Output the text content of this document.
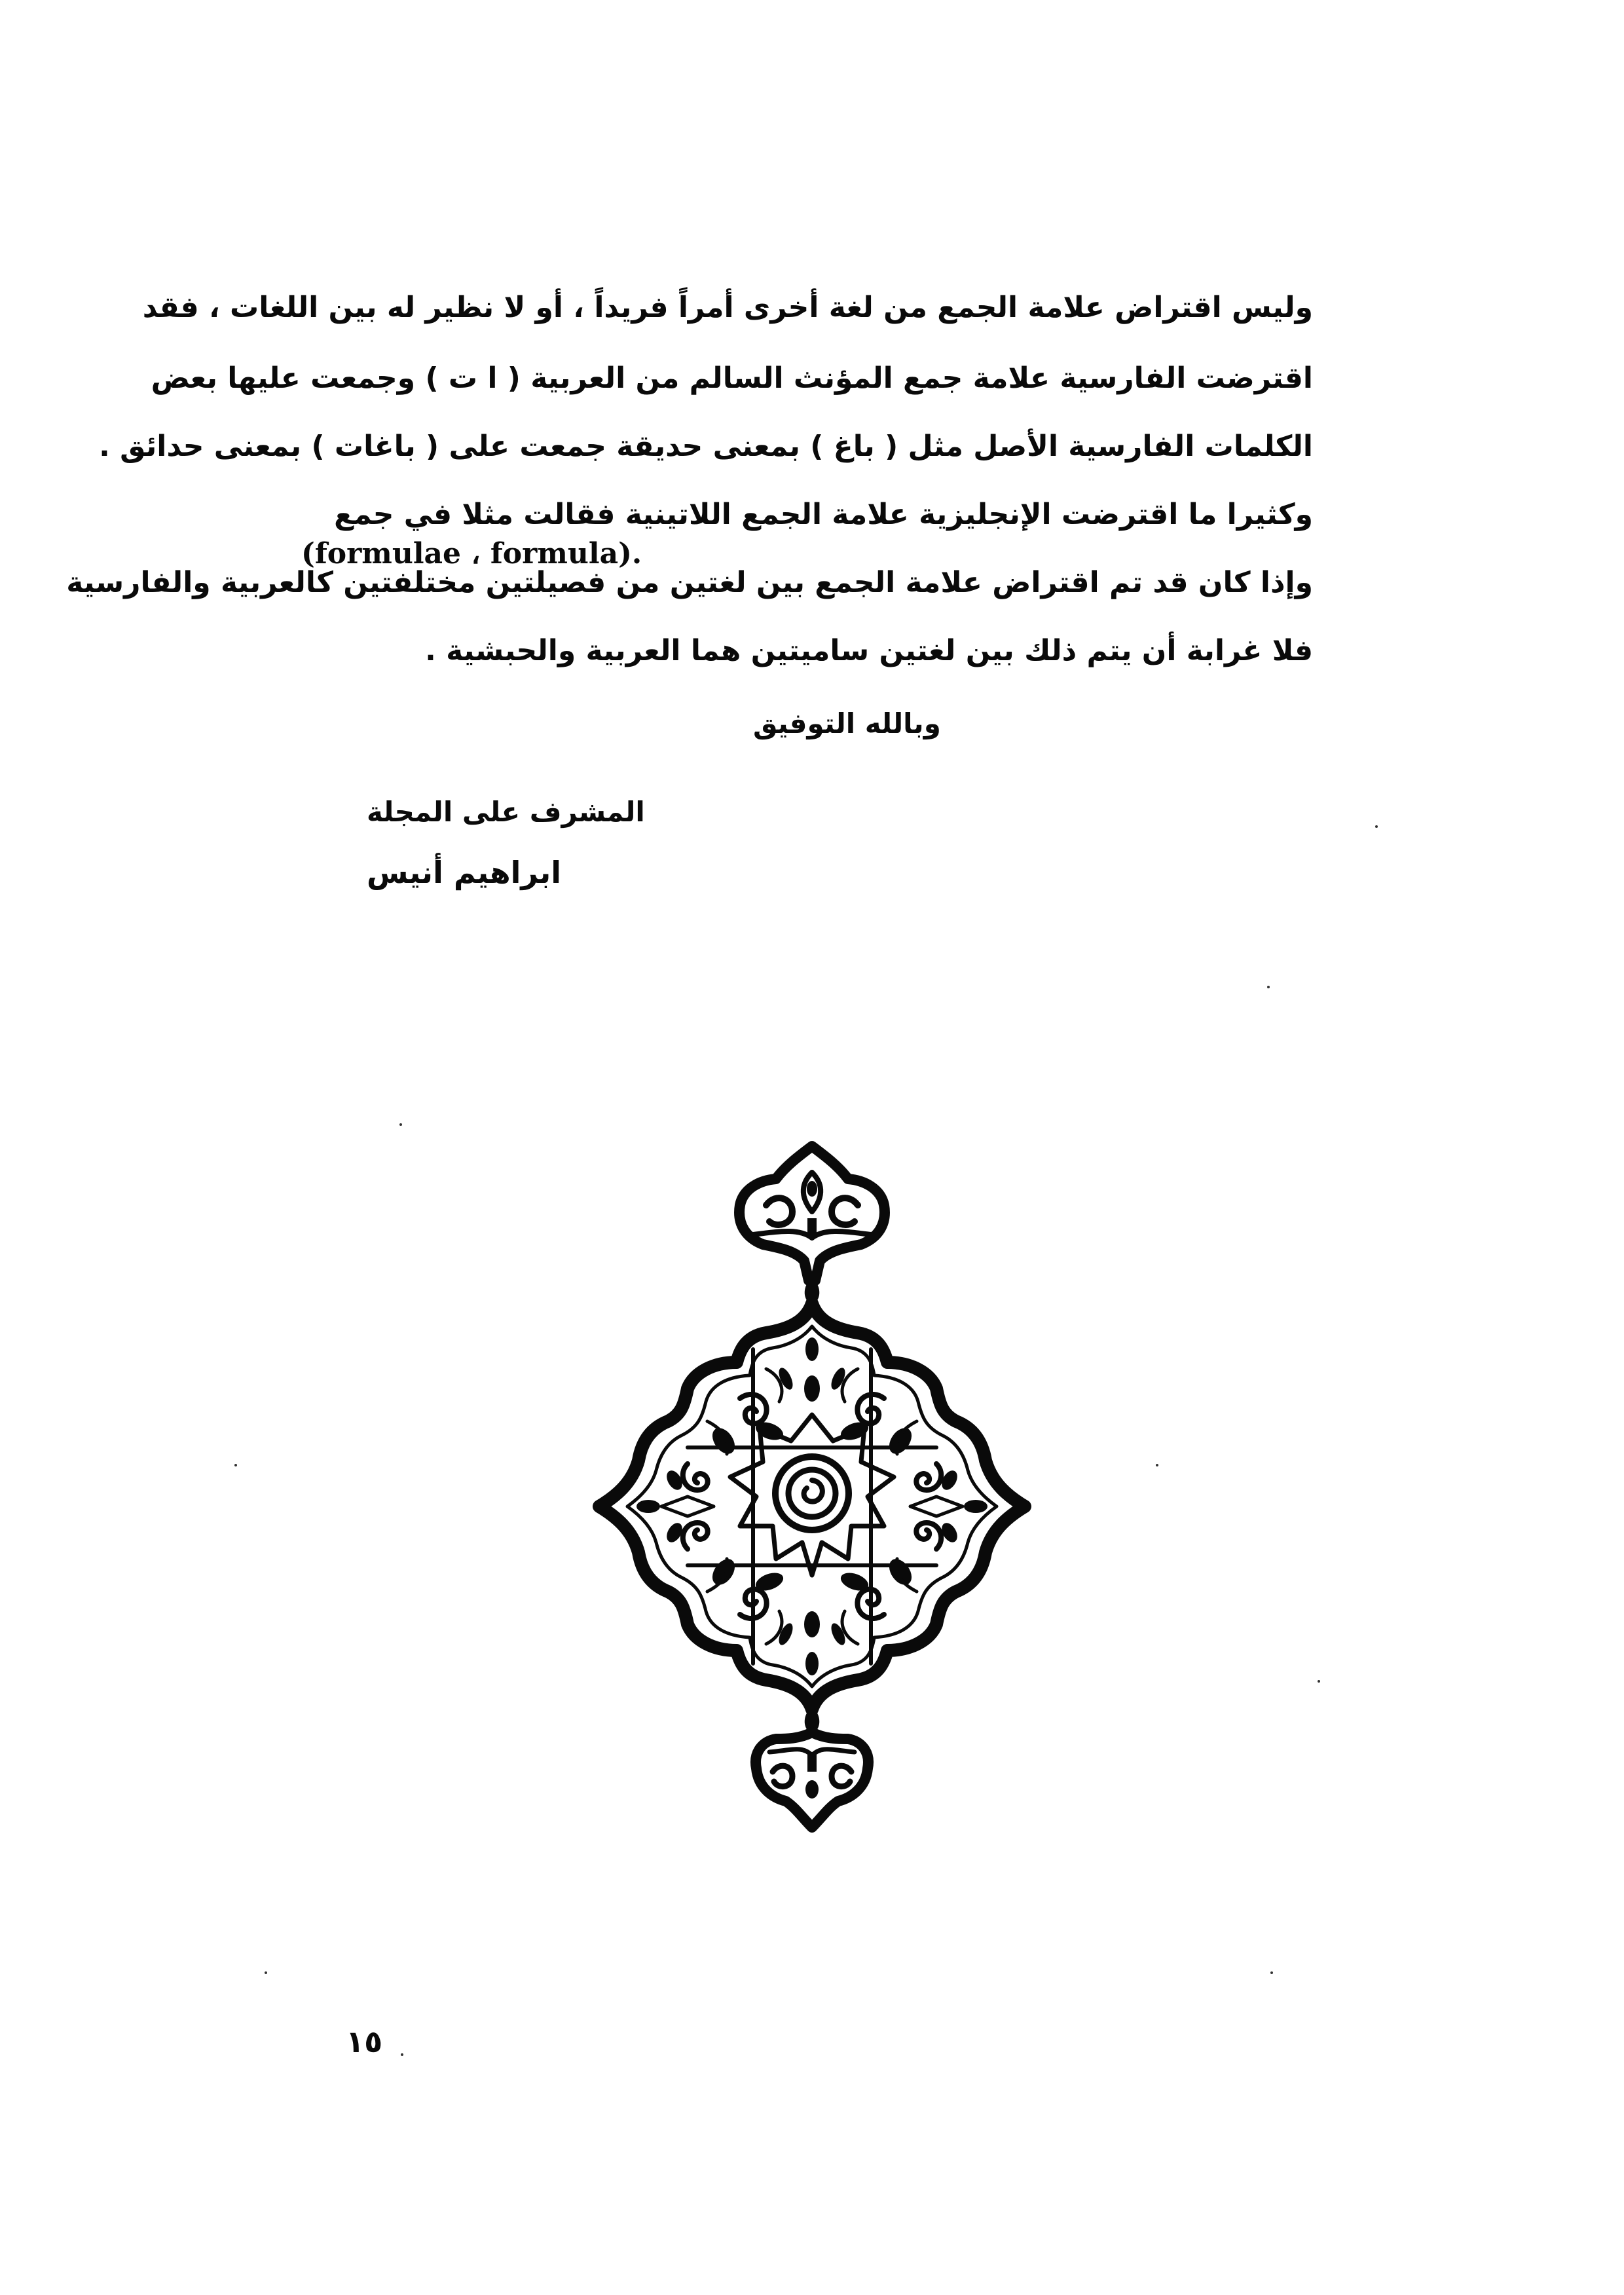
وليس اقتراض علامة الجمع من لغة أخرى أمراً فريداً ، أو لا نظير له بين اللغات ، فقد
اقترضت الفارسية علامة جمع المؤنث السالم من العربية ( ا ت ) وجمعت عليها بعض
الكلمات الفارسية الأصل مثل ( باغ ) بمعنى حديقة جمعت على ( باغات ) بمعنى حدائق .
وكثيرا ما اقترضت الإنجليزية علامة الجمع اللاتينية فقالت مثلا في جمع
(formulae ، formula).
وإذا كان قد تم اقتراض علامة الجمع بين لغتين من فصيلتين مختلفتين كالعربية والفارسية
فلا غرابة أن يتم ذلك بين لغتين ساميتين هما العربية والحبشية .
وبالله التوفيق
المشرف على المجلة
ابراهيم أنيس
١٥
